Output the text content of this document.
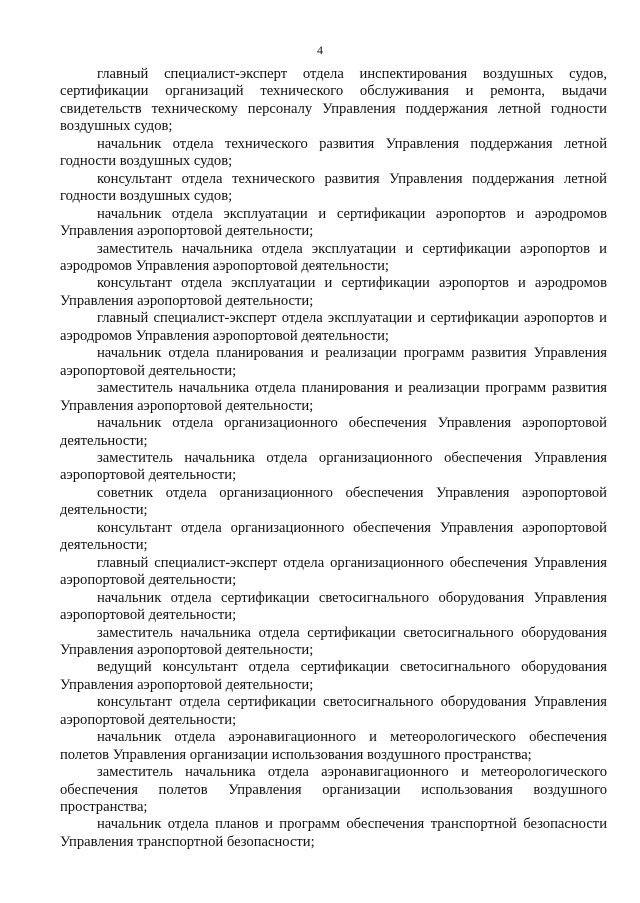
4

главный специалист-эксперт отдела инспектирования воздушных судов, сертификации организаций технического обслуживания и ремонта, выдачи свидетельств техническому персоналу Управления поддержания летной годности воздушных судов;

начальник отдела технического развития Управления поддержания летной годности воздушных судов;

консультант отдела технического развития Управления поддержания летной годности воздушных судов;

начальник отдела эксплуатации и сертификации аэропортов и аэродромов Управления аэропортовой деятельности;

заместитель начальника отдела эксплуатации и сертификации аэропортов и аэродромов Управления аэропортовой деятельности;

консультант отдела эксплуатации и сертификации аэропортов и аэродромов Управления аэропортовой деятельности;

главный специалист-эксперт отдела эксплуатации и сертификации аэропортов и аэродромов Управления аэропортовой деятельности;

начальник отдела планирования и реализации программ развития Управления аэропортовой деятельности;

заместитель начальника отдела планирования и реализации программ развития Управления аэропортовой деятельности;

начальник отдела организационного обеспечения Управления аэропортовой деятельности;

заместитель начальника отдела организационного обеспечения Управления аэропортовой деятельности;

советник отдела организационного обеспечения Управления аэропортовой деятельности;

консультант отдела организационного обеспечения Управления аэропортовой деятельности;

главный специалист-эксперт отдела организационного обеспечения Управления аэропортовой деятельности;

начальник отдела сертификации светосигнального оборудования Управления аэропортовой деятельности;

заместитель начальника отдела сертификации светосигнального оборудования Управления аэропортовой деятельности;

ведущий консультант отдела сертификации светосигнального оборудования Управления аэропортовой деятельности;

консультант отдела сертификации светосигнального оборудования Управления аэропортовой деятельности;

начальник отдела аэронавигационного и метеорологического обеспечения полетов Управления организации использования воздушного пространства;

заместитель начальника отдела аэронавигационного и метеорологического обеспечения полетов Управления организации использования воздушного пространства;

начальник отдела планов и программ обеспечения транспортной безопасности Управления транспортной безопасности;
